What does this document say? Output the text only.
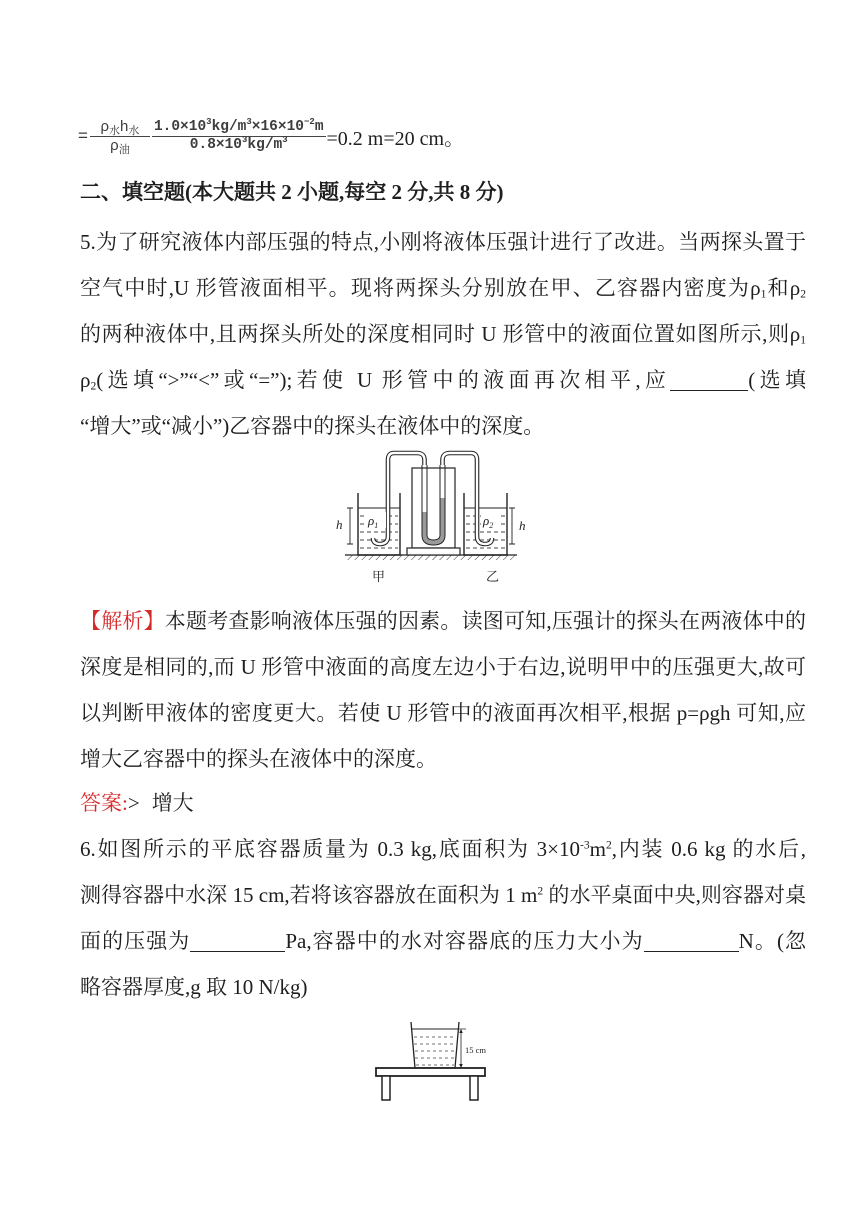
= $\frac{\rho_水h_水}{\rho_油} \frac{1.0\times 10^3kg/m^3\times 16\times 10^{-2}m}{0.8\times 10^3kg/m^3} =0.2$ m=20 cm。
二、填空题(本大题共 2 小题,每空 2 分,共 8 分)
5.为了研究液体内部压强的特点,小刚将液体压强计进行了改进。当两探头置于
空气中时,U 形管液面相平。现将两探头分别放在甲、乙容器内密度为$\rho_1$和$\rho_2$
的两种液体中,且两探头所处的深度相同时 U 形管中的液面位置如图所示,则$\rho_1$
$\rho_2$(选填“>”“<”或“=”);若使 U 形管中的液面再次相平,应	(选填
“增大”或“减小”)乙容器中的探头在液体中的深度。
$\rho_1$	$\rho_2$
h	h
甲	乙
【解析】本题考查影响液体压强的因素。读图可知,压强计的探头在两液体中的
深度是相同的,而 U 形管中液面的高度左边小于右边,说明甲中的压强更大,故可
以判断甲液体的密度更大。若使 U 形管中的液面再次相平,根据 p=ρgh 可知,应
增大乙容器中的探头在液体中的深度。
答案:> 增大
6.如图所示的平底容器质量为 0.3 kg,底面积为 $3\times 10^{-3}m^2$,内装 0.6 kg 的水后,
测得容器中水深 15 cm,若将该容器放在面积为 1 $m^2$ 的水平桌面中央,则容器对桌
面的压强为	Pa,容器中的水对容器底的压力大小为	N。(忽
略容器厚度,g 取 10 N/kg)
15 cm
